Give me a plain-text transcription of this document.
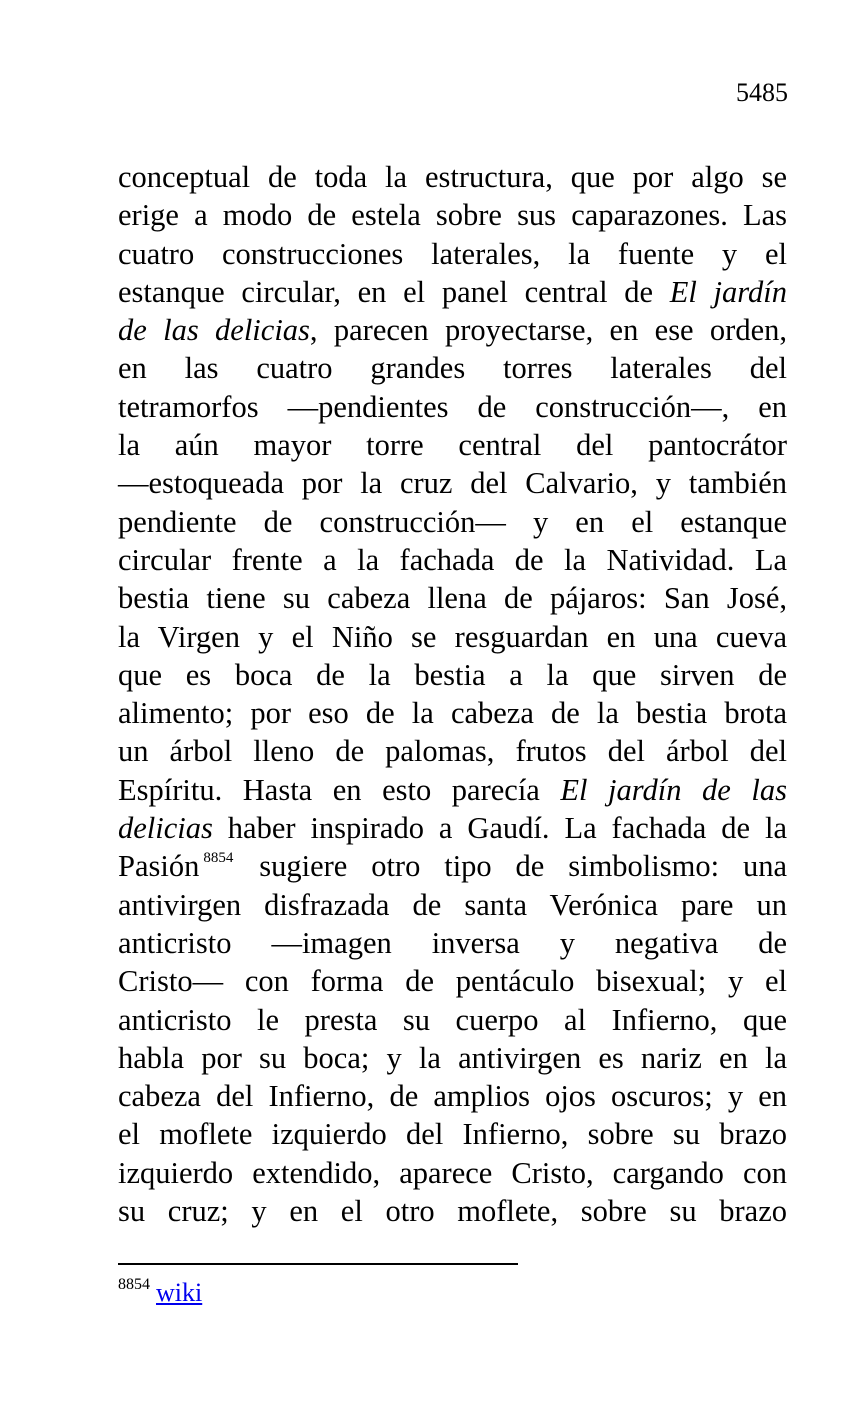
5485
conceptual de toda la estructura, que por algo se
erige a modo de estela sobre sus caparazones. Las
cuatro construcciones laterales, la fuente y el
estanque circular, en el panel central de El jardín
de las delicias, parecen proyectarse, en ese orden,
en las cuatro grandes torres laterales del
tetramorfos —pendientes de construcción—, en
la aún mayor torre central del pantocrátor
—estoqueada por la cruz del Calvario, y también
pendiente de construcción— y en el estanque
circular frente a la fachada de la Natividad. La
bestia tiene su cabeza llena de pájaros: San José,
la Virgen y el Niño se resguardan en una cueva
que es boca de la bestia a la que sirven de
alimento; por eso de la cabeza de la bestia brota
un árbol lleno de palomas, frutos del árbol del
Espíritu. Hasta en esto parecía El jardín de las
delicias haber inspirado a Gaudí. La fachada de la
Pasión $^{8854}$ sugiere otro tipo de simbolismo: una
antivirgen disfrazada de santa Verónica pare un
anticristo —imagen inversa y negativa de
Cristo— con forma de pentáculo bisexual; y el
anticristo le presta su cuerpo al Infierno, que
habla por su boca; y la antivirgen es nariz en la
cabeza del Infierno, de amplios ojos oscuros; y en
el moflete izquierdo del Infierno, sobre su brazo
izquierdo extendido, aparece Cristo, cargando con
su cruz; y en el otro moflete, sobre su brazo
$^{8854}$ wiki
